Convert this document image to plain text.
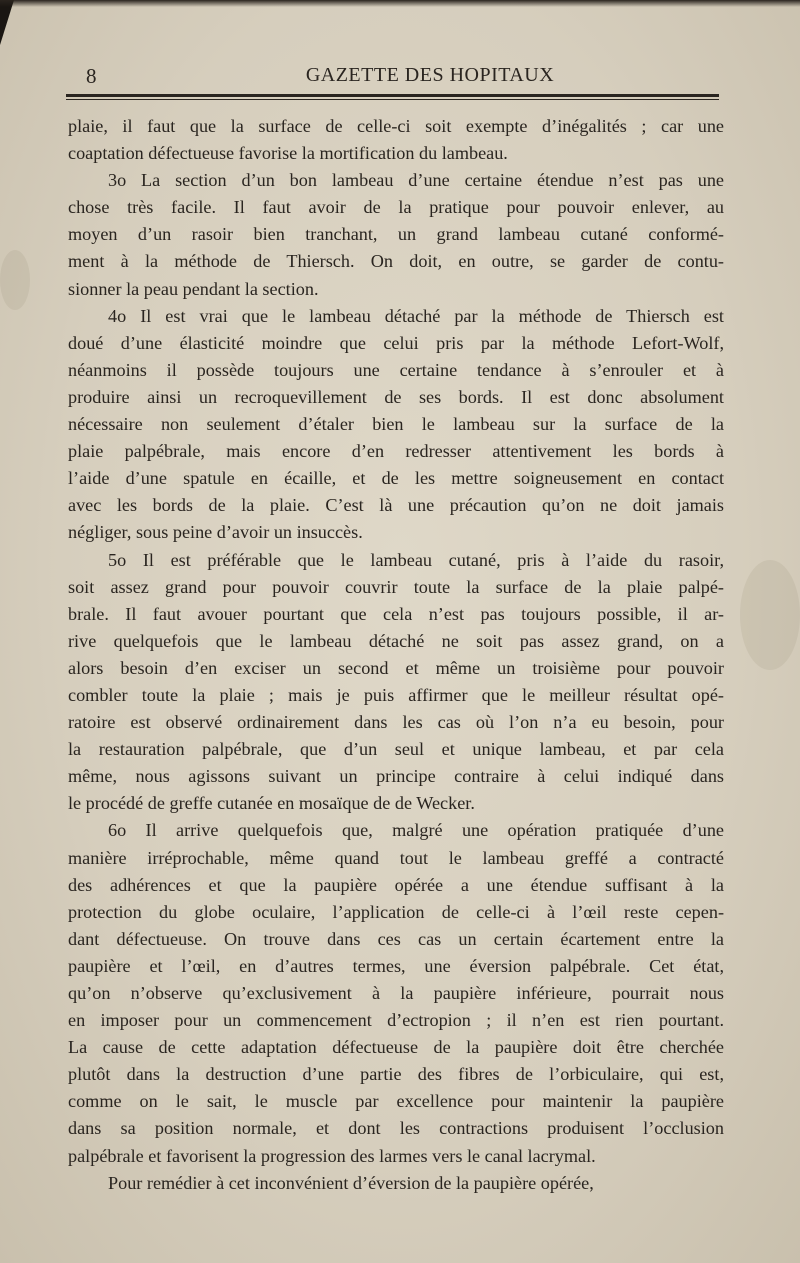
8	GAZETTE DES HOPITAUX
plaie, il faut que la surface de celle-ci soit exempte d’inégalités ; car une
coaptation défectueuse favorise la mortification du lambeau.
3o La section d’un bon lambeau d’une certaine étendue n’est pas une
chose très facile. Il faut avoir de la pratique pour pouvoir enlever, au
moyen d’un rasoir bien tranchant, un grand lambeau cutané conformé-
ment à la méthode de Thiersch. On doit, en outre, se garder de contu-
sionner la peau pendant la section.
4o Il est vrai que le lambeau détaché par la méthode de Thiersch est
doué d’une élasticité moindre que celui pris par la méthode Lefort-Wolf,
néanmoins il possède toujours une certaine tendance à s’enrouler et à
produire ainsi un recroquevillement de ses bords. Il est donc absolument
nécessaire non seulement d’étaler bien le lambeau sur la surface de la
plaie palpébrale, mais encore d’en redresser attentivement les bords à
l’aide d’une spatule en écaille, et de les mettre soigneusement en contact
avec les bords de la plaie. C’est là une précaution qu’on ne doit jamais
négliger, sous peine d’avoir un insuccès.
5o Il est préférable que le lambeau cutané, pris à l’aide du rasoir,
soit assez grand pour pouvoir couvrir toute la surface de la plaie palpé-
brale. Il faut avouer pourtant que cela n’est pas toujours possible, il ar-
rive quelquefois que le lambeau détaché ne soit pas assez grand, on a
alors besoin d’en exciser un second et même un troisième pour pouvoir
combler toute la plaie ; mais je puis affirmer que le meilleur résultat opé-
ratoire est observé ordinairement dans les cas où l’on n’a eu besoin, pour
la restauration palpébrale, que d’un seul et unique lambeau, et par cela
même, nous agissons suivant un principe contraire à celui indiqué dans
le procédé de greffe cutanée en mosaïque de de Wecker.
6o Il arrive quelquefois que, malgré une opération pratiquée d’une
manière irréprochable, même quand tout le lambeau greffé a contracté
des adhérences et que la paupière opérée a une étendue suffisant à la
protection du globe oculaire, l’application de celle-ci à l’œil reste cepen-
dant défectueuse. On trouve dans ces cas un certain écartement entre la
paupière et l’œil, en d’autres termes, une éversion palpébrale. Cet état,
qu’on n’observe qu’exclusivement à la paupière inférieure, pourrait nous
en imposer pour un commencement d’ectropion ; il n’en est rien pourtant.
La cause de cette adaptation défectueuse de la paupière doit être cherchée
plutôt dans la destruction d’une partie des fibres de l’orbiculaire, qui est,
comme on le sait, le muscle par excellence pour maintenir la paupière
dans sa position normale, et dont les contractions produisent l’occlusion
palpébrale et favorisent la progression des larmes vers le canal lacrymal.
Pour remédier à cet inconvénient d’éversion de la paupière opérée,
